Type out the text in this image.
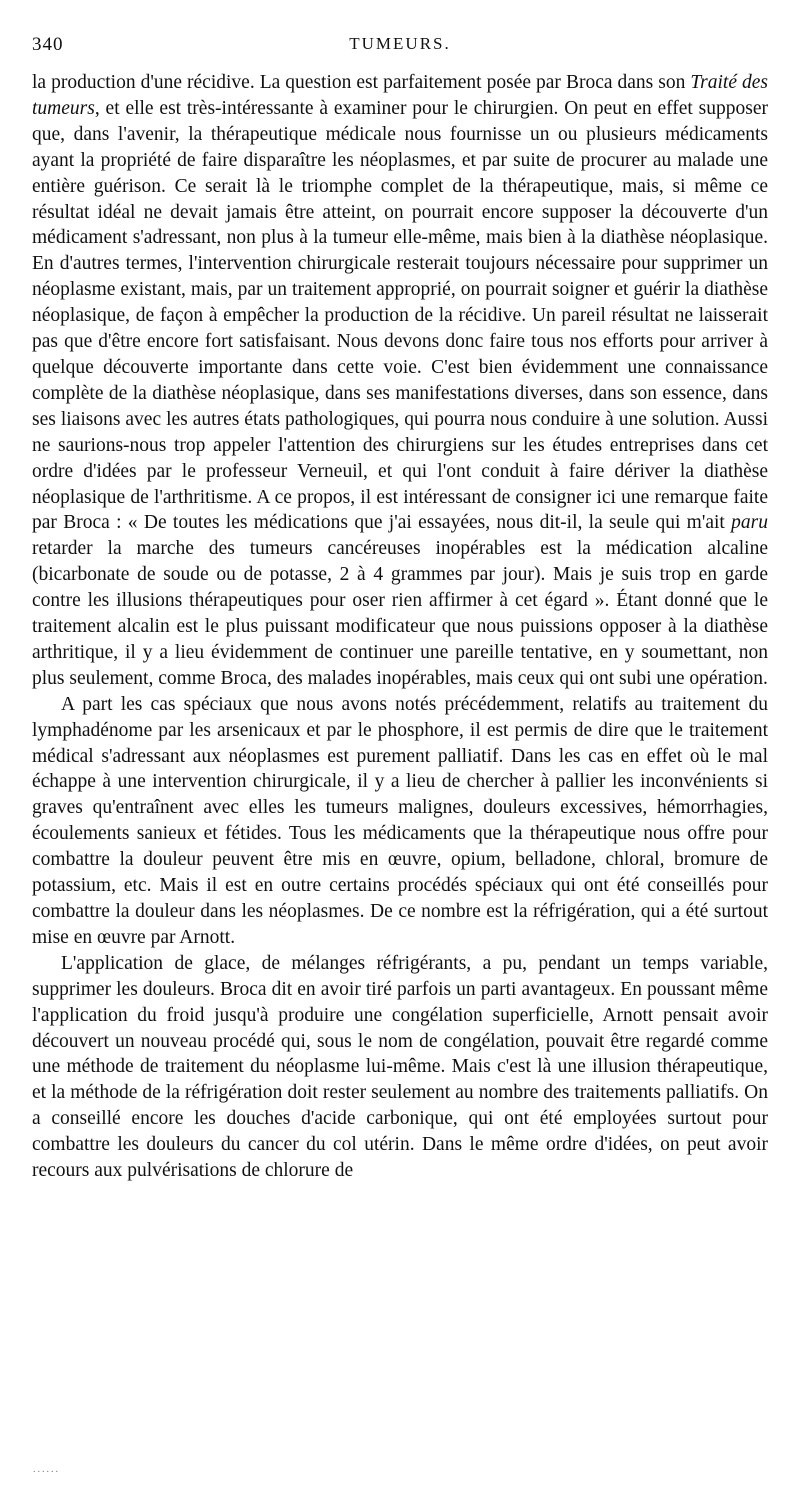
340	TUMEURS.

la production d'une récidive. La question est parfaitement posée par Broca dans son Traité des tumeurs, et elle est très-intéressante à examiner pour le chirurgien. On peut en effet supposer que, dans l'avenir, la thérapeutique médicale nous fournisse un ou plusieurs médicaments ayant la propriété de faire disparaître les néoplasmes, et par suite de procurer au malade une entière guérison. Ce serait là le triomphe complet de la thérapeutique, mais, si même ce résultat idéal ne devait jamais être atteint, on pourrait encore supposer la découverte d'un médicament s'adressant, non plus à la tumeur elle-même, mais bien à la diathèse néoplasique. En d'autres termes, l'intervention chirurgicale resterait toujours nécessaire pour supprimer un néoplasme existant, mais, par un traitement approprié, on pourrait soigner et guérir la diathèse néoplasique, de façon à empêcher la production de la récidive. Un pareil résultat ne laisserait pas que d'être encore fort satisfaisant. Nous devons donc faire tous nos efforts pour arriver à quelque découverte importante dans cette voie. C'est bien évidemment une connaissance complète de la diathèse néoplasique, dans ses manifestations diverses, dans son essence, dans ses liaisons avec les autres états pathologiques, qui pourra nous conduire à une solution. Aussi ne saurions-nous trop appeler l'attention des chirurgiens sur les études entreprises dans cet ordre d'idées par le professeur Verneuil, et qui l'ont conduit à faire dériver la diathèse néoplasique de l'arthritisme. A ce propos, il est intéressant de consigner ici une remarque faite par Broca : « De toutes les médications que j'ai essayées, nous dit-il, la seule qui m'ait paru retarder la marche des tumeurs cancéreuses inopérables est la médication alcaline (bicarbonate de soude ou de potasse, 2 à 4 grammes par jour). Mais je suis trop en garde contre les illusions thérapeutiques pour oser rien affirmer à cet égard ». Étant donné que le traitement alcalin est le plus puissant modificateur que nous puissions opposer à la diathèse arthritique, il y a lieu évidemment de continuer une pareille tentative, en y soumettant, non plus seulement, comme Broca, des malades inopérables, mais ceux qui ont subi une opération.

A part les cas spéciaux que nous avons notés précédemment, relatifs au traitement du lymphadénome par les arsenicaux et par le phosphore, il est permis de dire que le traitement médical s'adressant aux néoplasmes est purement palliatif. Dans les cas en effet où le mal échappe à une intervention chirurgicale, il y a lieu de chercher à pallier les inconvénients si graves qu'entraînent avec elles les tumeurs malignes, douleurs excessives, hémorrhagies, écoulements sanieux et fétides. Tous les médicaments que la thérapeutique nous offre pour combattre la douleur peuvent être mis en œuvre, opium, belladone, chloral, bromure de potassium, etc. Mais il est en outre certains procédés spéciaux qui ont été conseillés pour combattre la douleur dans les néoplasmes. De ce nombre est la réfrigération, qui a été surtout mise en œuvre par Arnott.

L'application de glace, de mélanges réfrigérants, a pu, pendant un temps variable, supprimer les douleurs. Broca dit en avoir tiré parfois un parti avantageux. En poussant même l'application du froid jusqu'à produire une congélation superficielle, Arnott pensait avoir découvert un nouveau procédé qui, sous le nom de congélation, pouvait être regardé comme une méthode de traitement du néoplasme lui-même. Mais c'est là une illusion thérapeutique, et la méthode de la réfrigération doit rester seulement au nombre des traitements palliatifs. On a conseillé encore les douches d'acide carbonique, qui ont été employées surtout pour combattre les douleurs du cancer du col utérin. Dans le même ordre d'idées, on peut avoir recours aux pulvérisations de chlorure de

......
